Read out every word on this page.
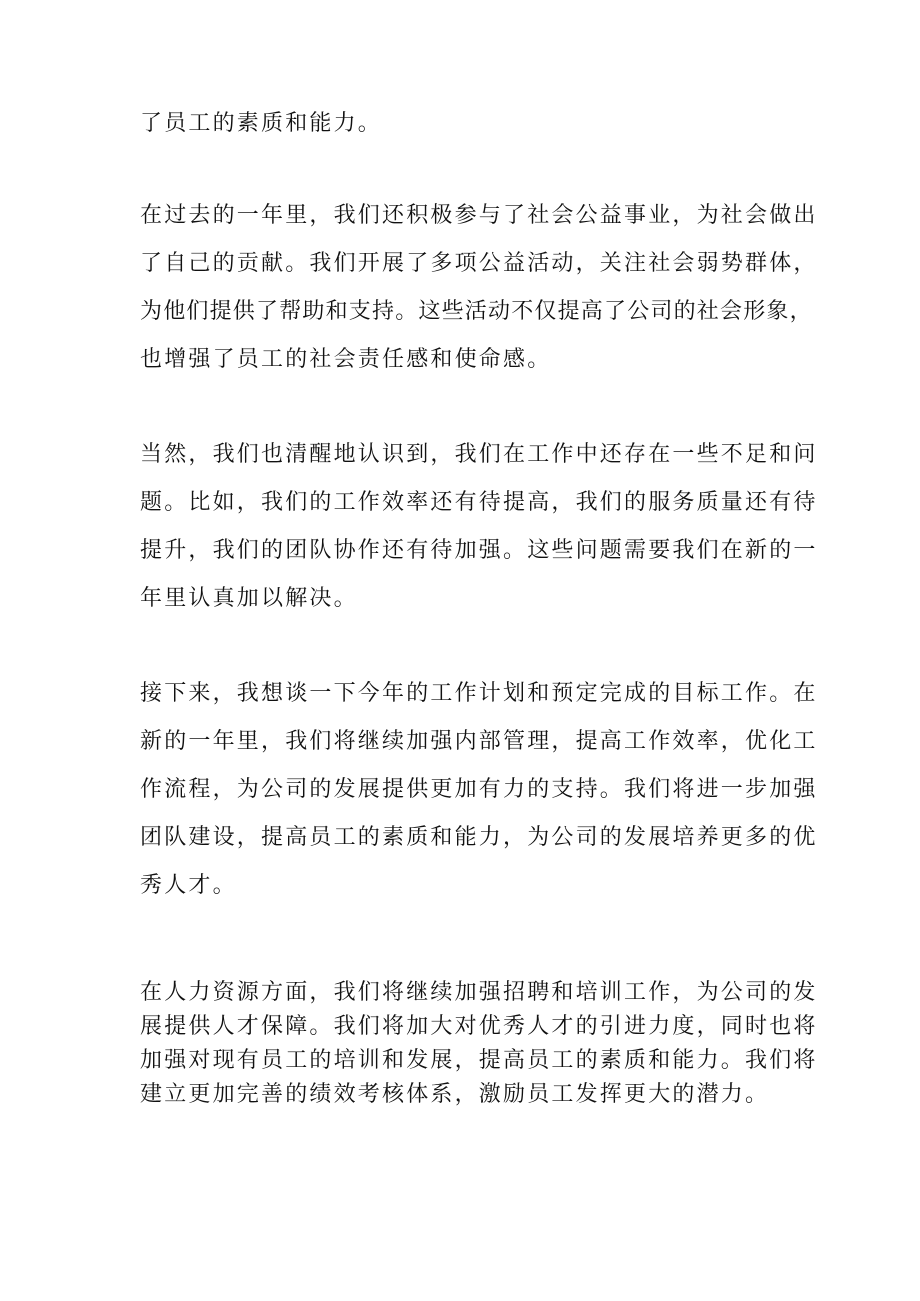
了员工的素质和能力。
在过去的一年里，我们还积极参与了社会公益事业，为社会做出
了自己的贡献。我们开展了多项公益活动，关注社会弱势群体，
为他们提供了帮助和支持。这些活动不仅提高了公司的社会形象，
也增强了员工的社会责任感和使命感。
当然，我们也清醒地认识到，我们在工作中还存在一些不足和问
题。比如，我们的工作效率还有待提高，我们的服务质量还有待
提升，我们的团队协作还有待加强。这些问题需要我们在新的一
年里认真加以解决。
接下来，我想谈一下今年的工作计划和预定完成的目标工作。在
新的一年里，我们将继续加强内部管理，提高工作效率，优化工
作流程，为公司的发展提供更加有力的支持。我们将进一步加强
团队建设，提高员工的素质和能力，为公司的发展培养更多的优
秀人才。
在人力资源方面，我们将继续加强招聘和培训工作，为公司的发
展提供人才保障。我们将加大对优秀人才的引进力度，同时也将
加强对现有员工的培训和发展，提高员工的素质和能力。我们将
建立更加完善的绩效考核体系，激励员工发挥更大的潜力。
